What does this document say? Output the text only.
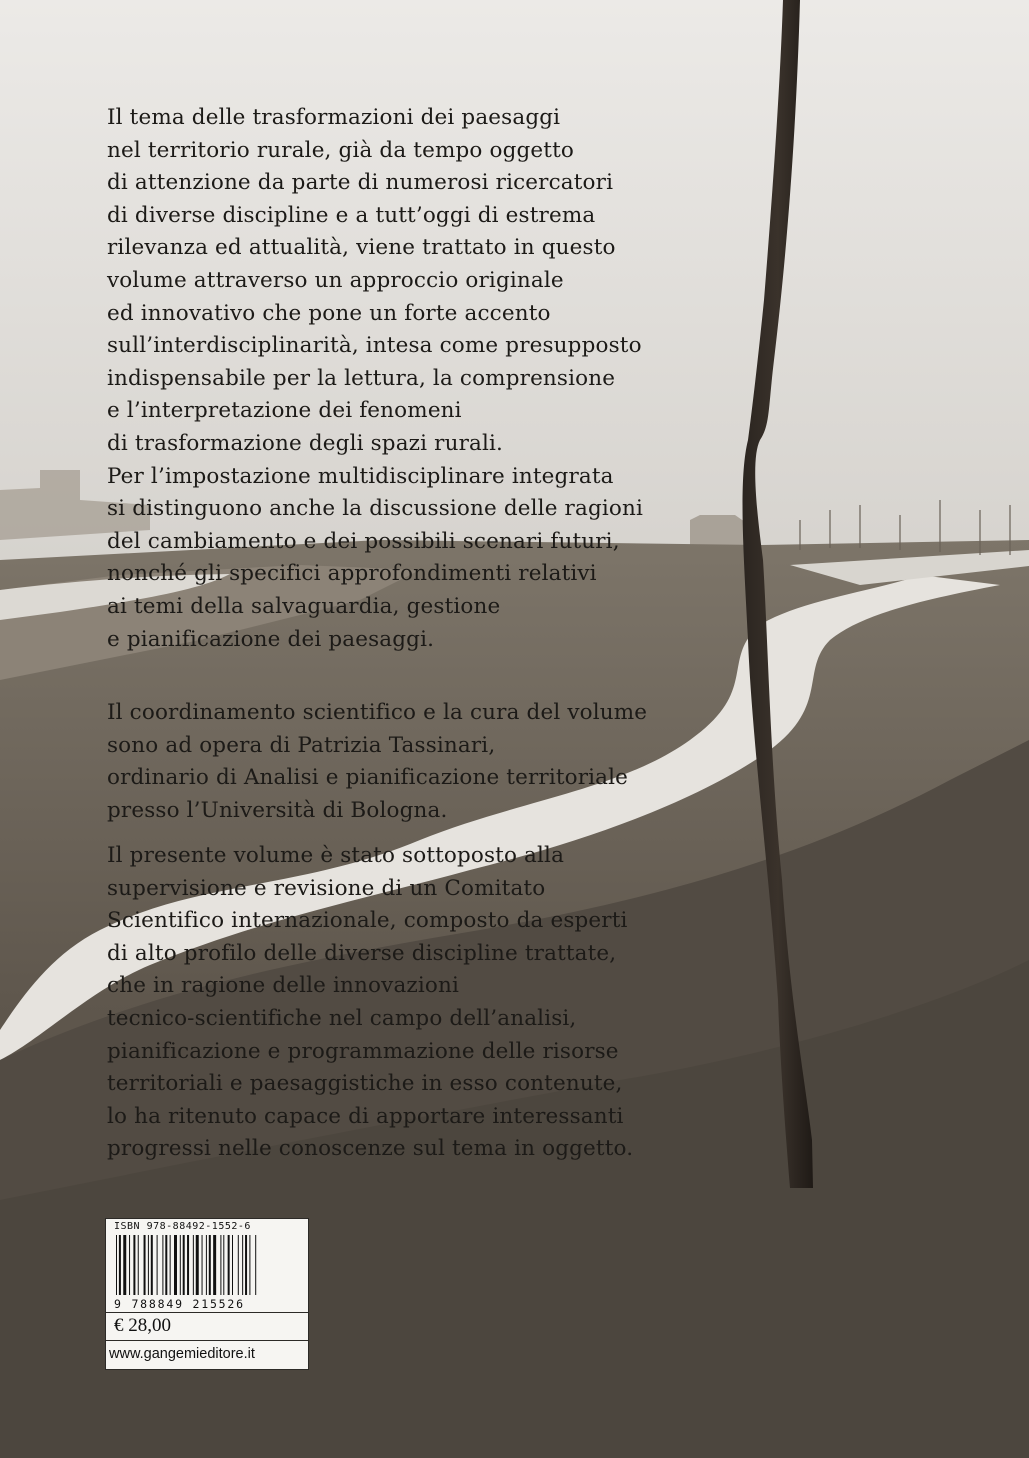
Il tema delle trasformazioni dei paesaggi
nel territorio rurale, già da tempo oggetto
di attenzione da parte di numerosi ricercatori
di diverse discipline e a tutt’oggi di estrema
rilevanza ed attualità, viene trattato in questo
volume attraverso un approccio originale
ed innovativo che pone un forte accento
sull’interdisciplinarità, intesa come presupposto
indispensabile per la lettura, la comprensione
e l’interpretazione dei fenomeni
di trasformazione degli spazi rurali.
Per l’impostazione multidisciplinare integrata
si distinguono anche la discussione delle ragioni
del cambiamento e dei possibili scenari futuri,
nonché gli specifici approfondimenti relativi
ai temi della salvaguardia, gestione
e pianificazione dei paesaggi.
Il coordinamento scientifico e la cura del volume
sono ad opera di Patrizia Tassinari,
ordinario di Analisi e pianificazione territoriale
presso l’Università di Bologna.
Il presente volume è stato sottoposto alla
supervisione e revisione di un Comitato
Scientifico internazionale, composto da esperti
di alto profilo delle diverse discipline trattate,
che in ragione delle innovazioni
tecnico-scientifiche nel campo dell’analisi,
pianificazione e programmazione delle risorse
territoriali e paesaggistiche in esso contenute,
lo ha ritenuto capace di apportare interessanti
progressi nelle conoscenze sul tema in oggetto.
ISBN 978-88492-1552-6
9 788849 215526
€ 28,00
www.gangemieditore.it
